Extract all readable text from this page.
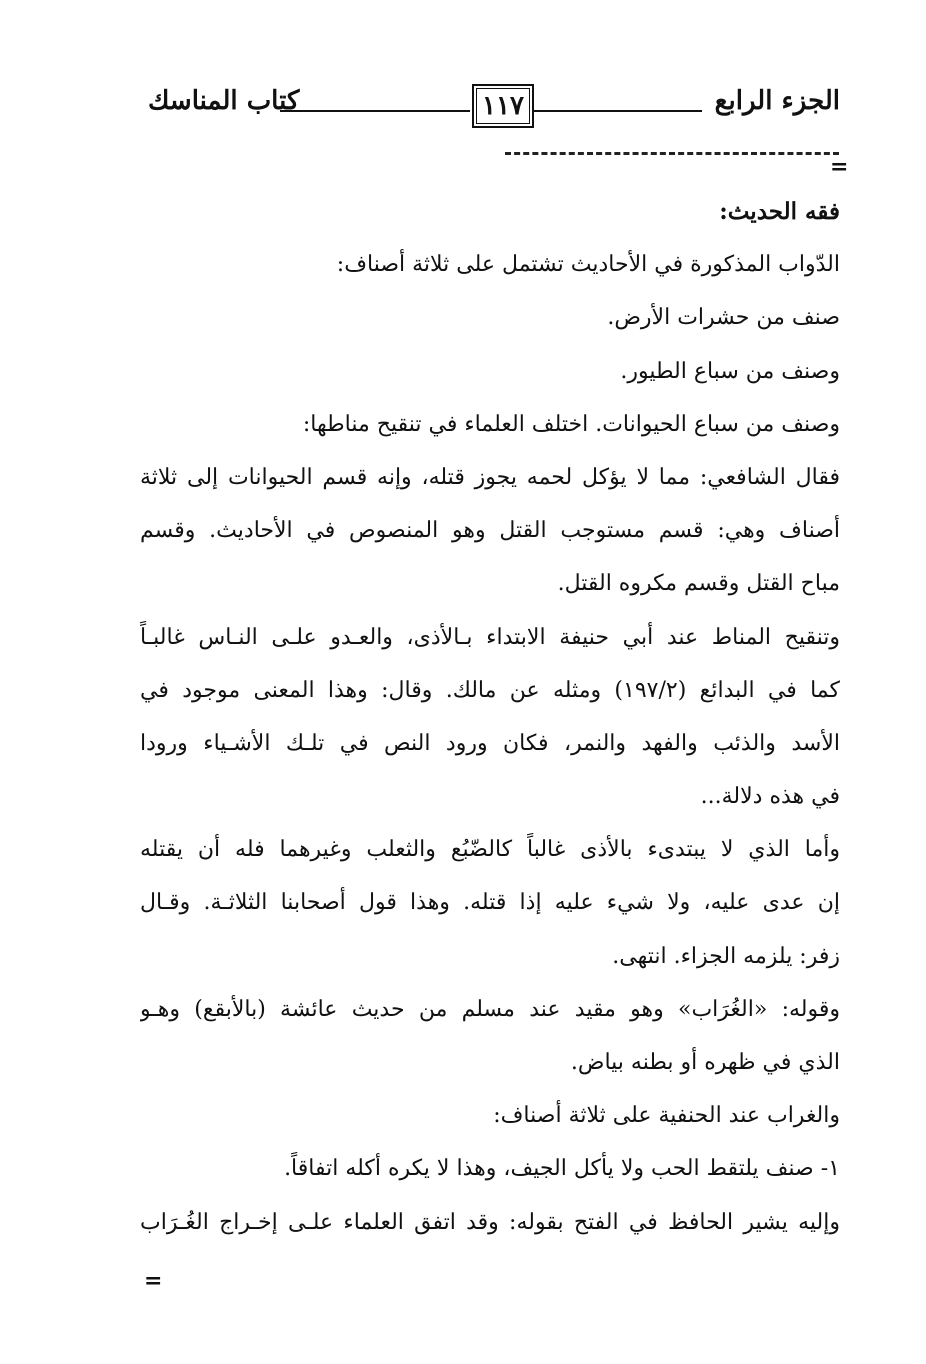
الجزء الرابع
١١٧
كتاب المناسك
=
فقه الحديث:
الدّواب المذكورة في الأحاديث تشتمل على ثلاثة أصناف:
صنف من حشرات الأرض.
وصنف من سباع الطيور.
وصنف من سباع الحيوانات. اختلف العلماء في تنقيح مناطها:
فقال الشافعي: مما لا يؤكل لحمه يجوز قتله، وإنه قسم الحيوانات إلى ثلاثة
أصناف وهي: قسم مستوجب القتل وهو المنصوص في الأحاديث. وقسم
مباح القتل وقسم مكروه القتل.
وتنقيح المناط عند أبي حنيفة الابتداء بـالأذى، والعـدو علـى النـاس غالبـاً
كما في البدائع (١٩٧/٢) ومثله عن مالك. وقال: وهذا المعنى موجود في
الأسد والذئب والفهد والنمر، فكان ورود النص في تلـك الأشـياء ورودا
في هذه دلالة...
وأما الذي لا يبتدىء بالأذى غالباً كالضّبُع والثعلب وغيرهما فله أن يقتله
إن عدى عليه، ولا شيء عليه إذا قتله. وهذا قول أصحابنا الثلاثـة. وقـال
زفر: يلزمه الجزاء. انتهى.
وقوله: «الغُرَاب» وهو مقيد عند مسلم من حديث عائشة (بالأبقع) وهـو
الذي في ظهره أو بطنه بياض.
والغراب عند الحنفية على ثلاثة أصناف:
١- صنف يلتقط الحب ولا يأكل الجيف، وهذا لا يكره أكله اتفاقاً.
وإليه يشير الحافظ في الفتح بقوله: وقد اتفق العلماء علـى إخـراج الغُـرَاب
=
